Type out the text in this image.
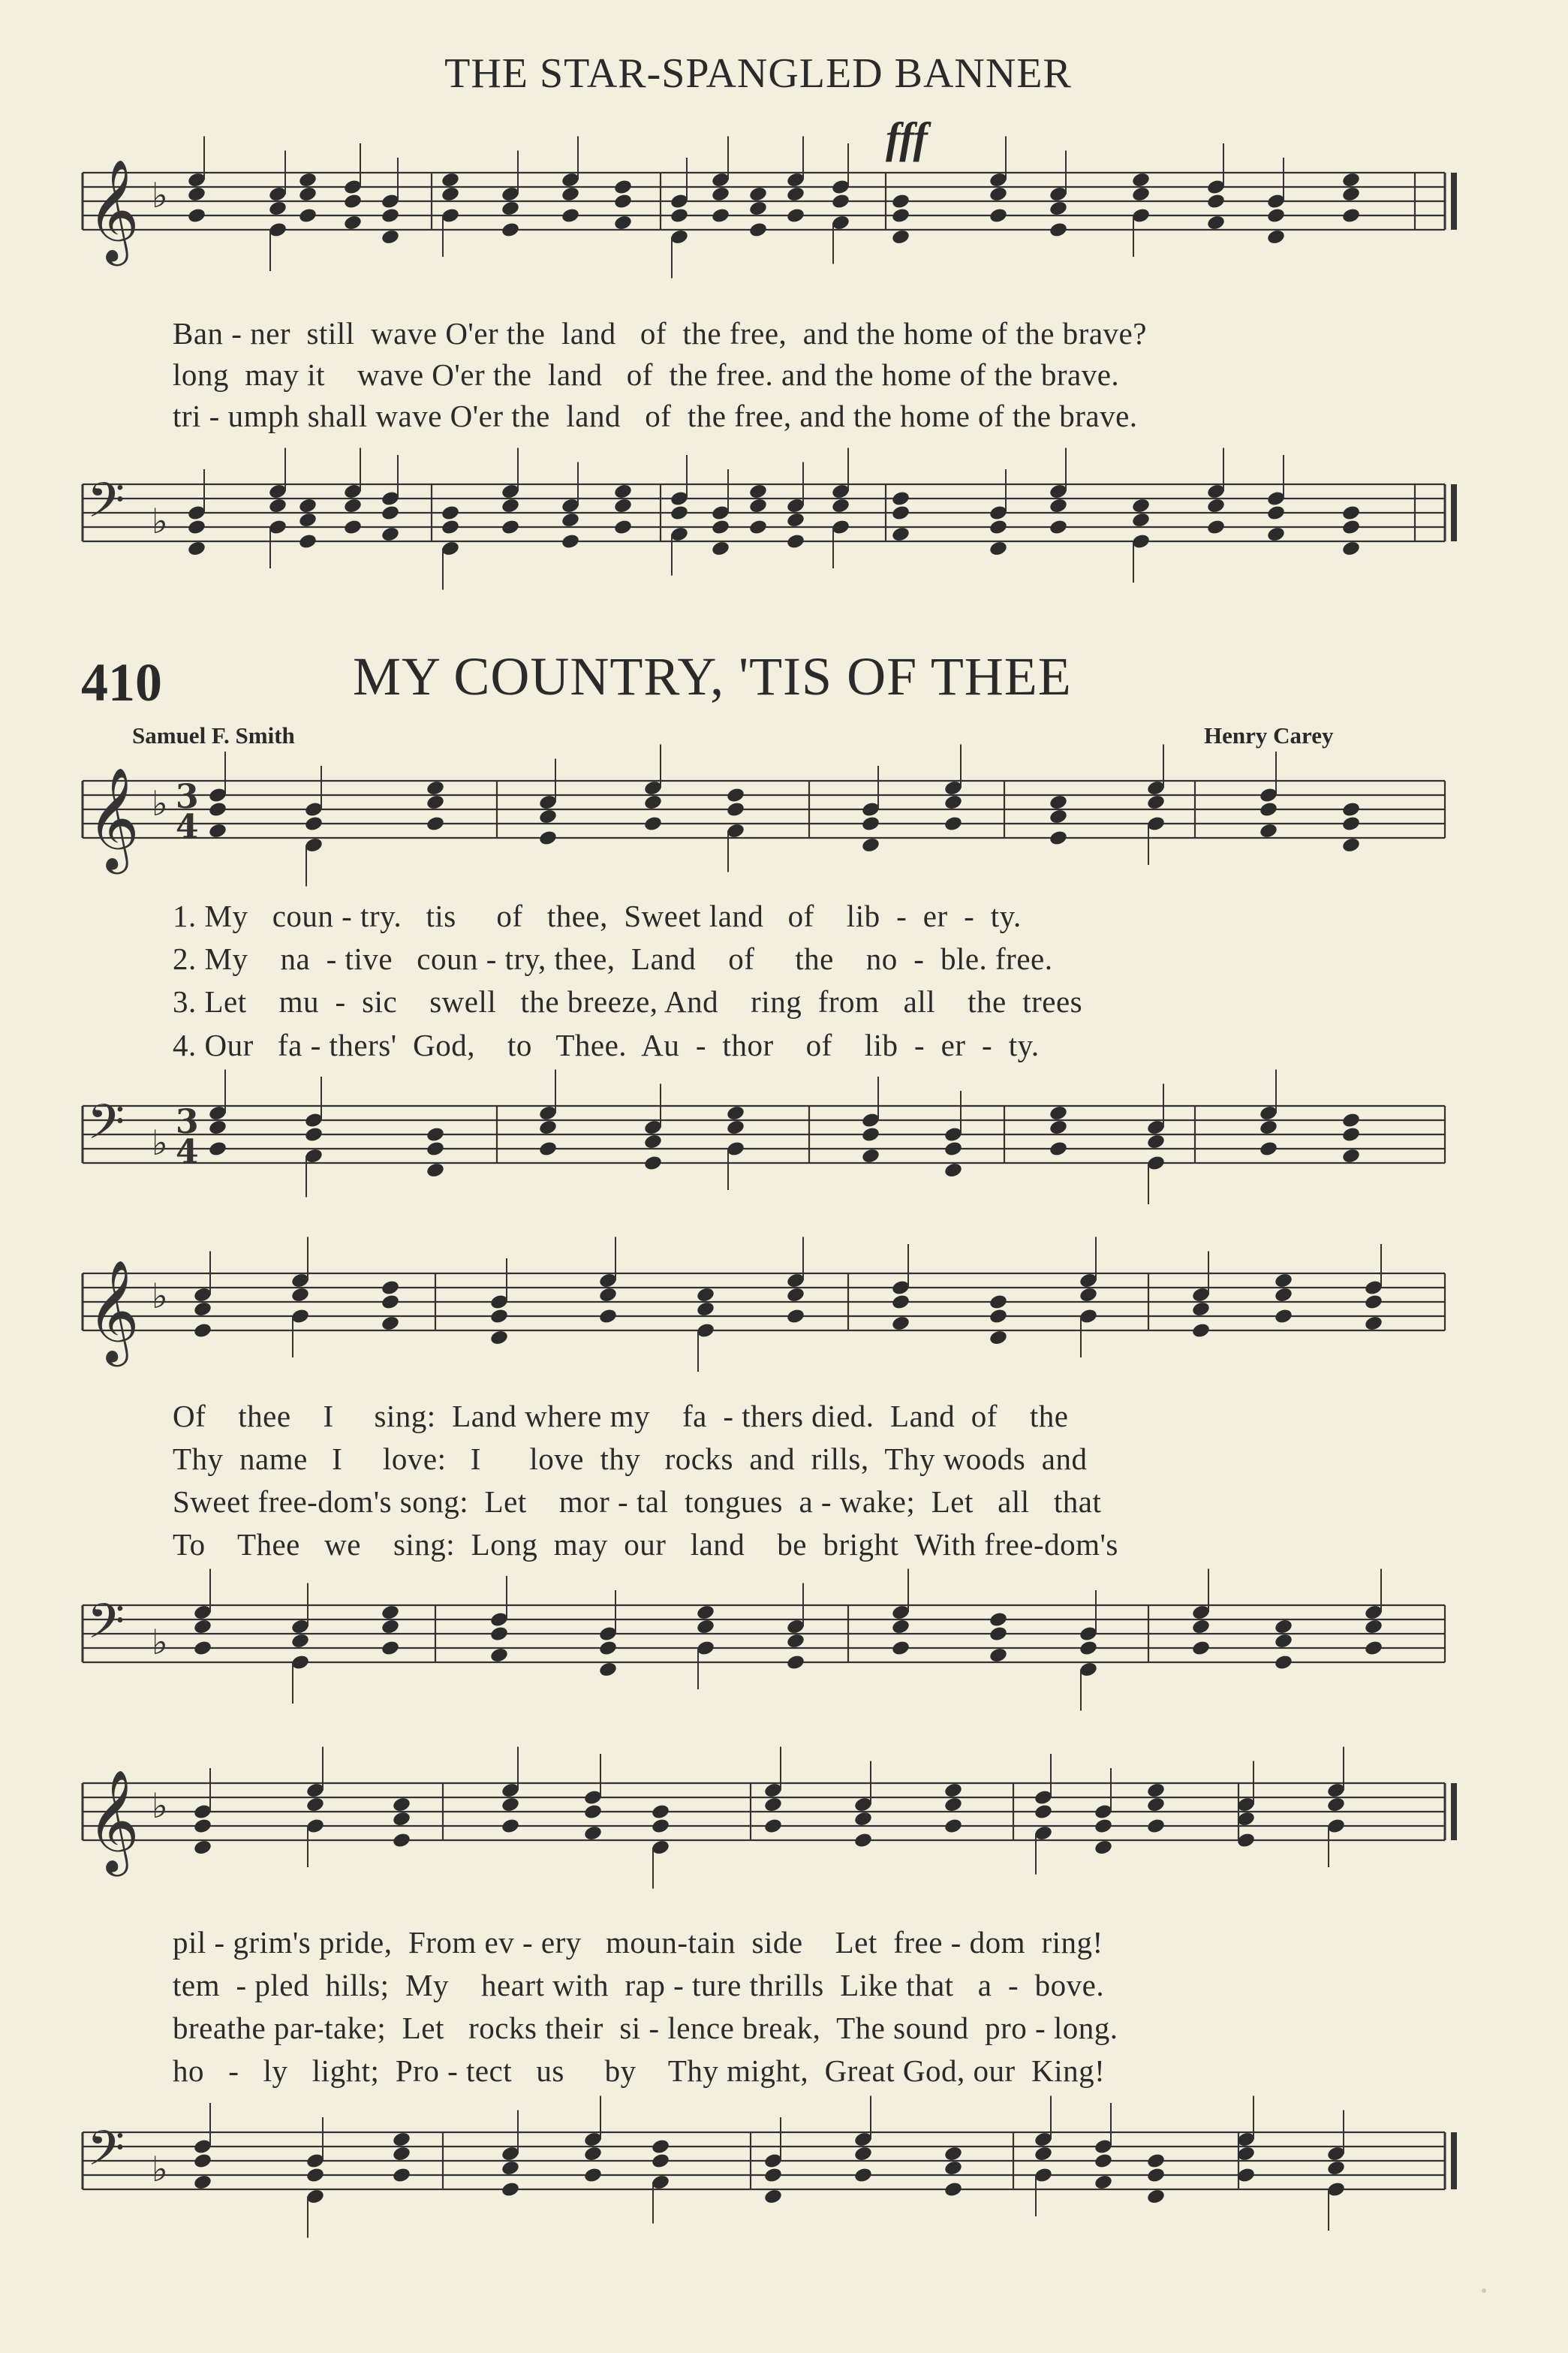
THE STAR-SPANGLED BANNER
fff
Ban - ner  still  wave O'er the  land   of  the free,  and the home of the brave?
long  may it    wave O'er the  land   of  the free. and the home of the brave.
tri - umph shall wave O'er the  land   of  the free, and the home of the brave.
410	MY COUNTRY, 'TIS OF THEE
Samuel F. Smith	Henry Carey
1. My   coun - try.   tis     of   thee,  Sweet land   of    lib  -  er  -  ty.
2. My    na  - tive   coun - try, thee,  Land    of     the    no  -  ble. free.
3. Let    mu  -  sic    swell   the breeze, And    ring  from   all    the  trees
4. Our   fa - thers'  God,    to   Thee.  Au  -  thor    of    lib  -  er  -  ty.
Of    thee    I     sing:  Land where my    fa  - thers died.  Land  of    the
Thy  name   I     love:   I      love  thy   rocks  and  rills,  Thy woods  and
Sweet free-dom's song:  Let    mor - tal  tongues  a - wake;  Let   all   that
To    Thee   we    sing:  Long  may  our   land    be  bright  With free-dom's
pil - grim's pride,  From ev - ery   moun-tain  side    Let  free - dom  ring!
tem  - pled  hills;  My    heart with  rap - ture thrills  Like that   a  -  bove.
breathe par-take;  Let   rocks their  si - lence break,  The sound  pro - long.
ho   -   ly   light;  Pro - tect   us     by    Thy might,  Great God, our  King!
𝄞 ♭
𝄢 ♭
𝄞 ♭ 3
4
𝄢 ♭
3
4
𝄞 ♭
𝄢 ♭
𝄞 ♭
𝄢 ♭
